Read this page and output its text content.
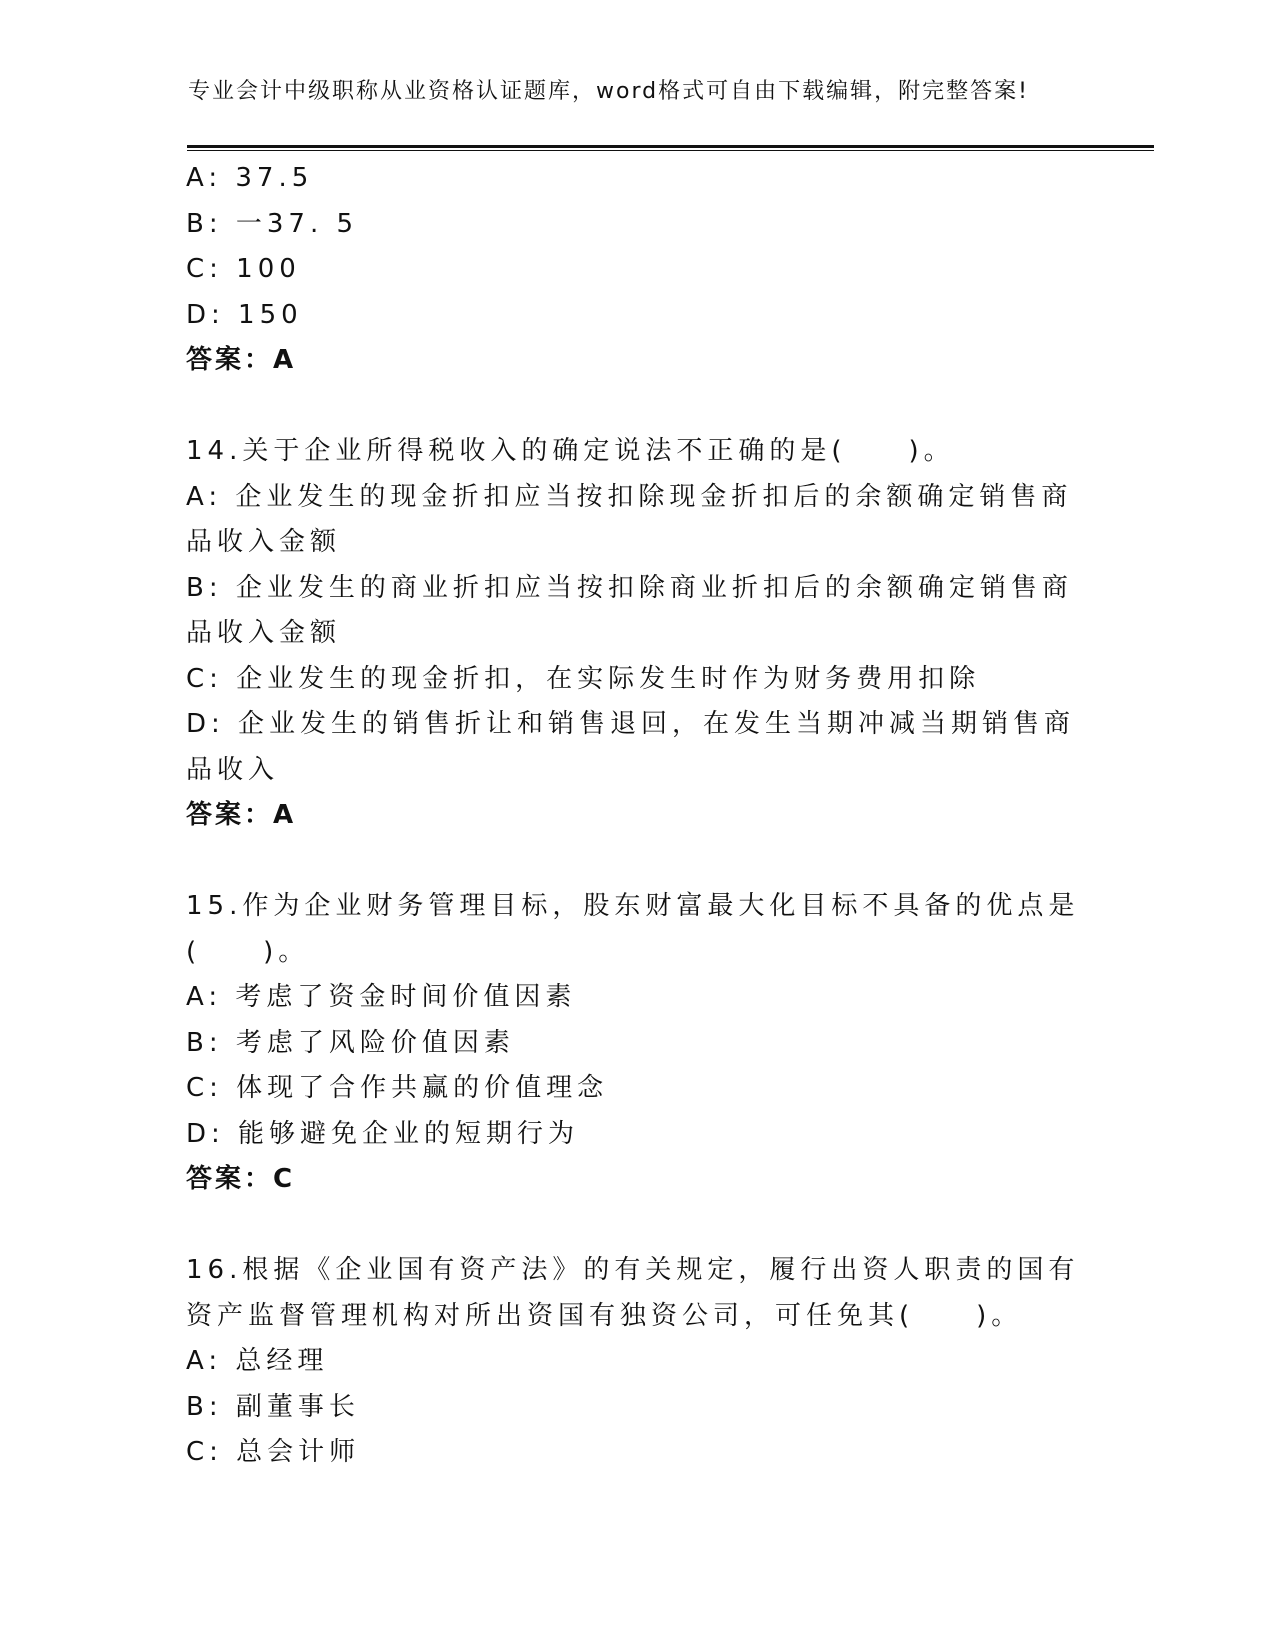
专业会计中级职称从业资格认证题库，word格式可自由下载编辑，附完整答案!
A: 37.5
B: 一37. 5
C: 100
D: 150
答案：A
14.关于企业所得税收入的确定说法不正确的是(　　)。
A: 企业发生的现金折扣应当按扣除现金折扣后的余额确定销售商品收入金额
B: 企业发生的商业折扣应当按扣除商业折扣后的余额确定销售商品收入金额
C: 企业发生的现金折扣，在实际发生时作为财务费用扣除
D: 企业发生的销售折让和销售退回，在发生当期冲减当期销售商品收入
答案：A
15.作为企业财务管理目标，股东财富最大化目标不具备的优点是(　　)。
A: 考虑了资金时间价值因素
B: 考虑了风险价值因素
C: 体现了合作共赢的价值理念
D: 能够避免企业的短期行为
答案：C
16.根据《企业国有资产法》的有关规定，履行出资人职责的国有资产监督管理机构对所出资国有独资公司，可任免其(　　)。
A: 总经理
B: 副董事长
C: 总会计师
